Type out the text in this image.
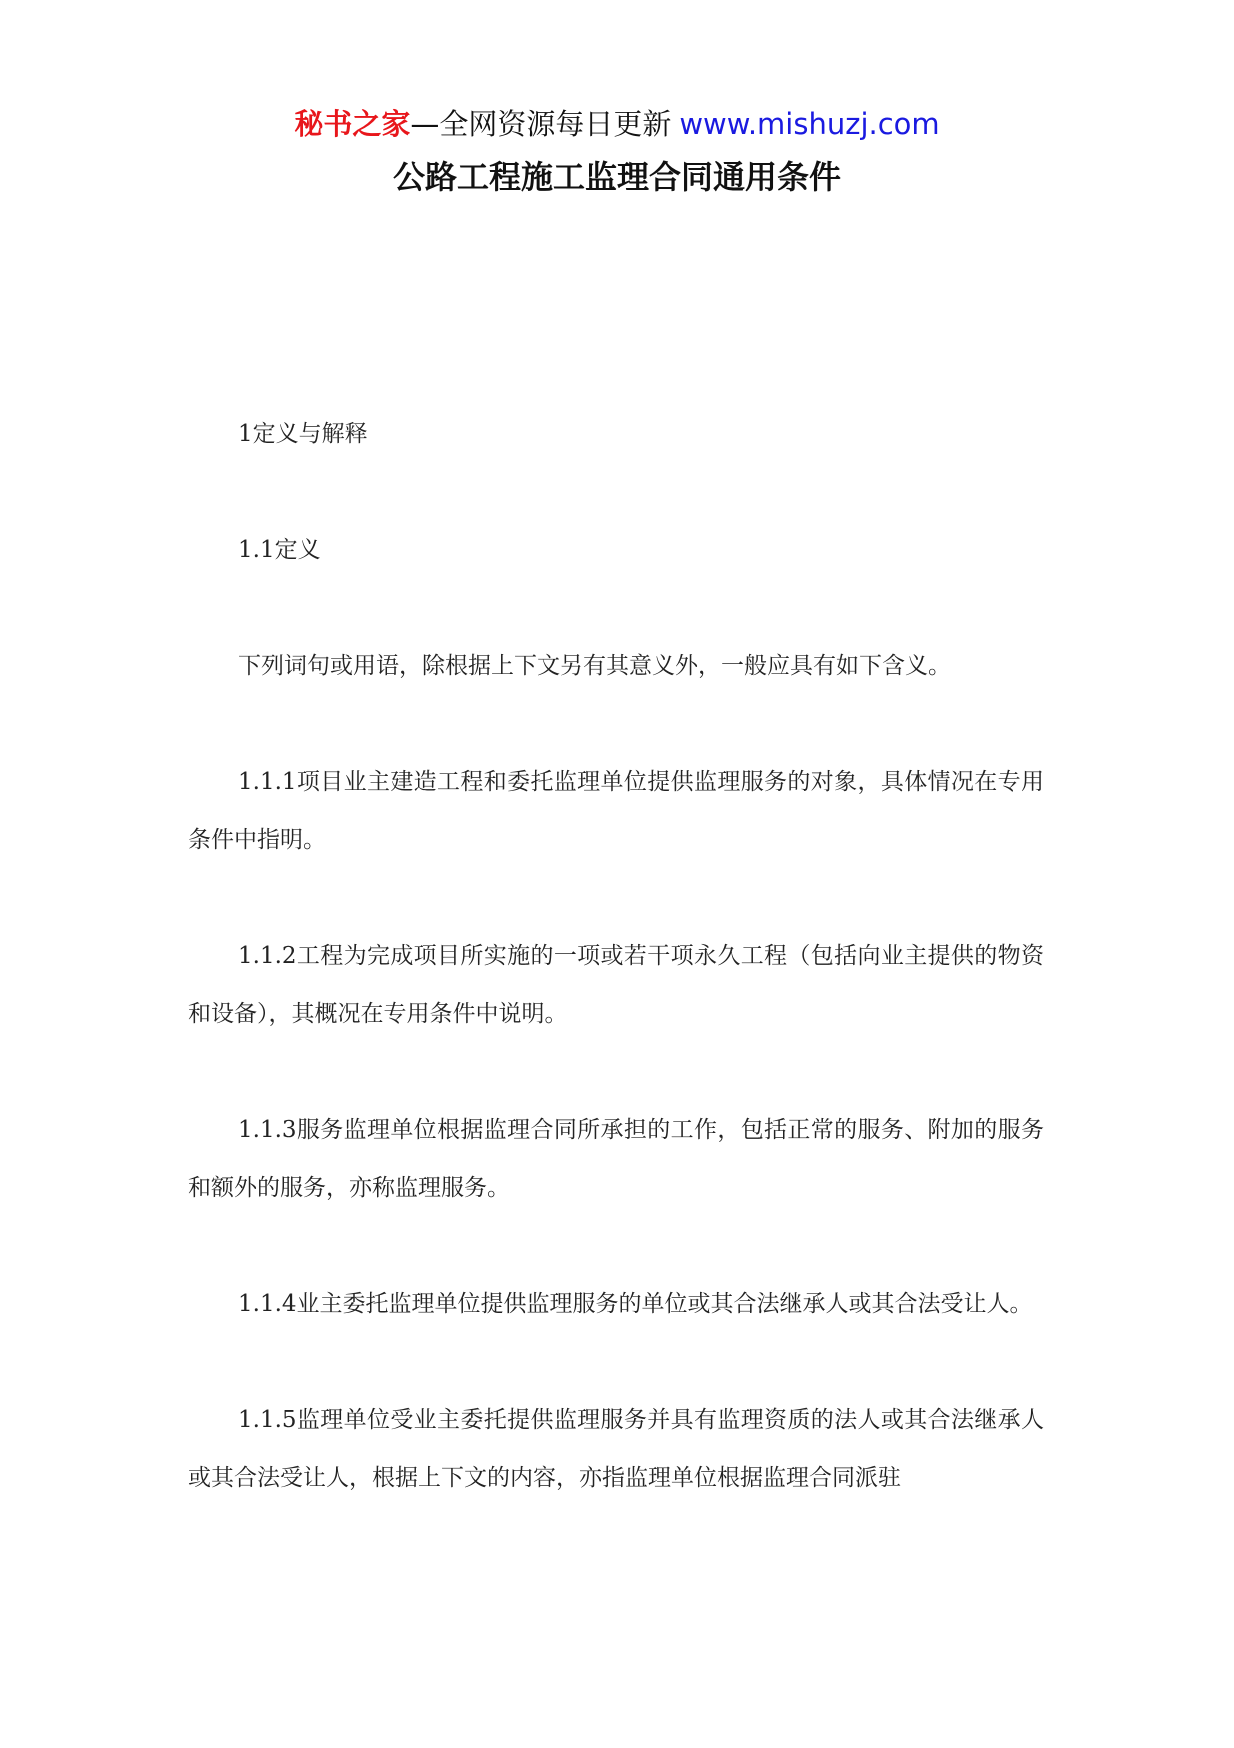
秘书之家—全网资源每日更新 www.mishuzj.com
公路工程施工监理合同通用条件

1定义与解释

1.1定义

下列词句或用语，除根据上下文另有其意义外，一般应具有如下含义。

1.1.1项目业主建造工程和委托监理单位提供监理服务的对象，具体情况在专用条件中指明。

1.1.2工程为完成项目所实施的一项或若干项永久工程（包括向业主提供的物资和设备），其概况在专用条件中说明。

1.1.3服务监理单位根据监理合同所承担的工作，包括正常的服务、附加的服务和额外的服务，亦称监理服务。

1.1.4业主委托监理单位提供监理服务的单位或其合法继承人或其合法受让人。

1.1.5监理单位受业主委托提供监理服务并具有监理资质的法人或其合法继承人或其合法受让人，根据上下文的内容，亦指监理单位根据监理合同派驻
